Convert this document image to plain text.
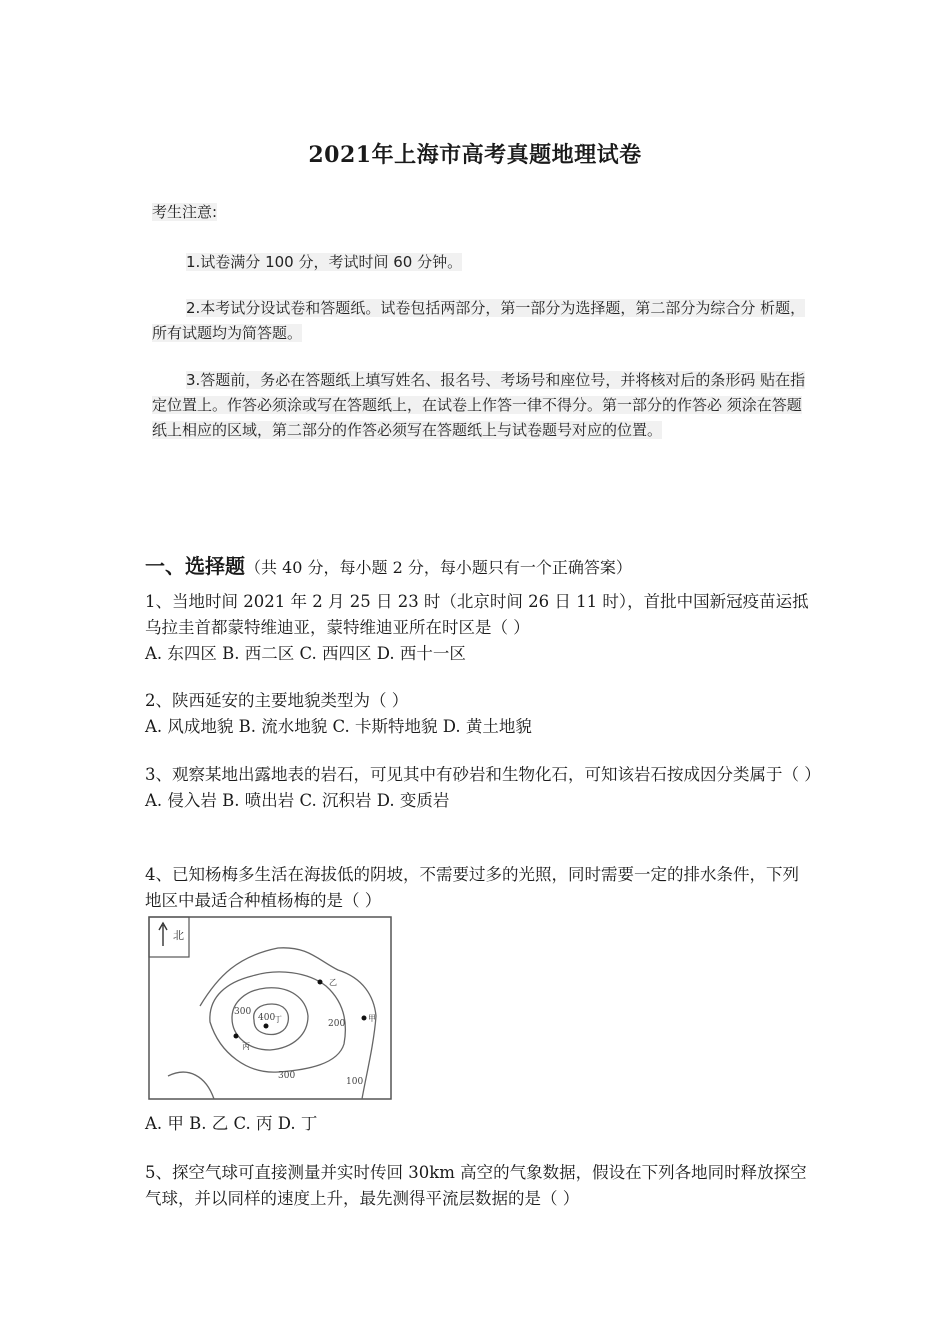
2021年上海市高考真题地理试卷
考生注意:
1.试卷满分 100 分，考试时间 60 分钟。
2.本考试分设试卷和答题纸。试卷包括两部分，第一部分为选择题，第二部分为综合分 析题，所有试题均为简答题。
3.答题前，务必在答题纸上填写姓名、报名号、考场号和座位号，并将核对后的条形码 贴在指定位置上。作答必须涂或写在答题纸上，在试卷上作答一律不得分。第一部分的作答必 须涂在答题纸上相应的区域，第二部分的作答必须写在答题纸上与试卷题号对应的位置。
一、选择题（共 40 分，每小题 2 分，每小题只有一个正确答案）
1、当地时间 2021 年 2 月 25 日 23 时（北京时间 26 日 11 时），首批中国新冠疫苗运抵乌拉圭首都蒙特维迪亚，蒙特维迪亚所在时区是（ ）
A. 东四区 B. 西二区 C. 西四区 D. 西十一区
2、陕西延安的主要地貌类型为（ ）
A. 风成地貌 B. 流水地貌 C. 卡斯特地貌 D. 黄土地貌
3、观察某地出露地表的岩石，可见其中有砂岩和生物化石，可知该岩石按成因分类属于（ ）
A. 侵入岩 B. 喷出岩 C. 沉积岩 D. 变质岩
4、已知杨梅多生活在海拔低的阴坡，不需要过多的光照，同时需要一定的排水条件，下列地区中最适合种植杨梅的是（ ）
北
400
300
200
300
100
甲
乙
丙
丁
A. 甲 B. 乙 C. 丙 D. 丁
5、探空气球可直接测量并实时传回 30km 高空的气象数据，假设在下列各地同时释放探空气球，并以同样的速度上升，最先测得平流层数据的是（ ）
